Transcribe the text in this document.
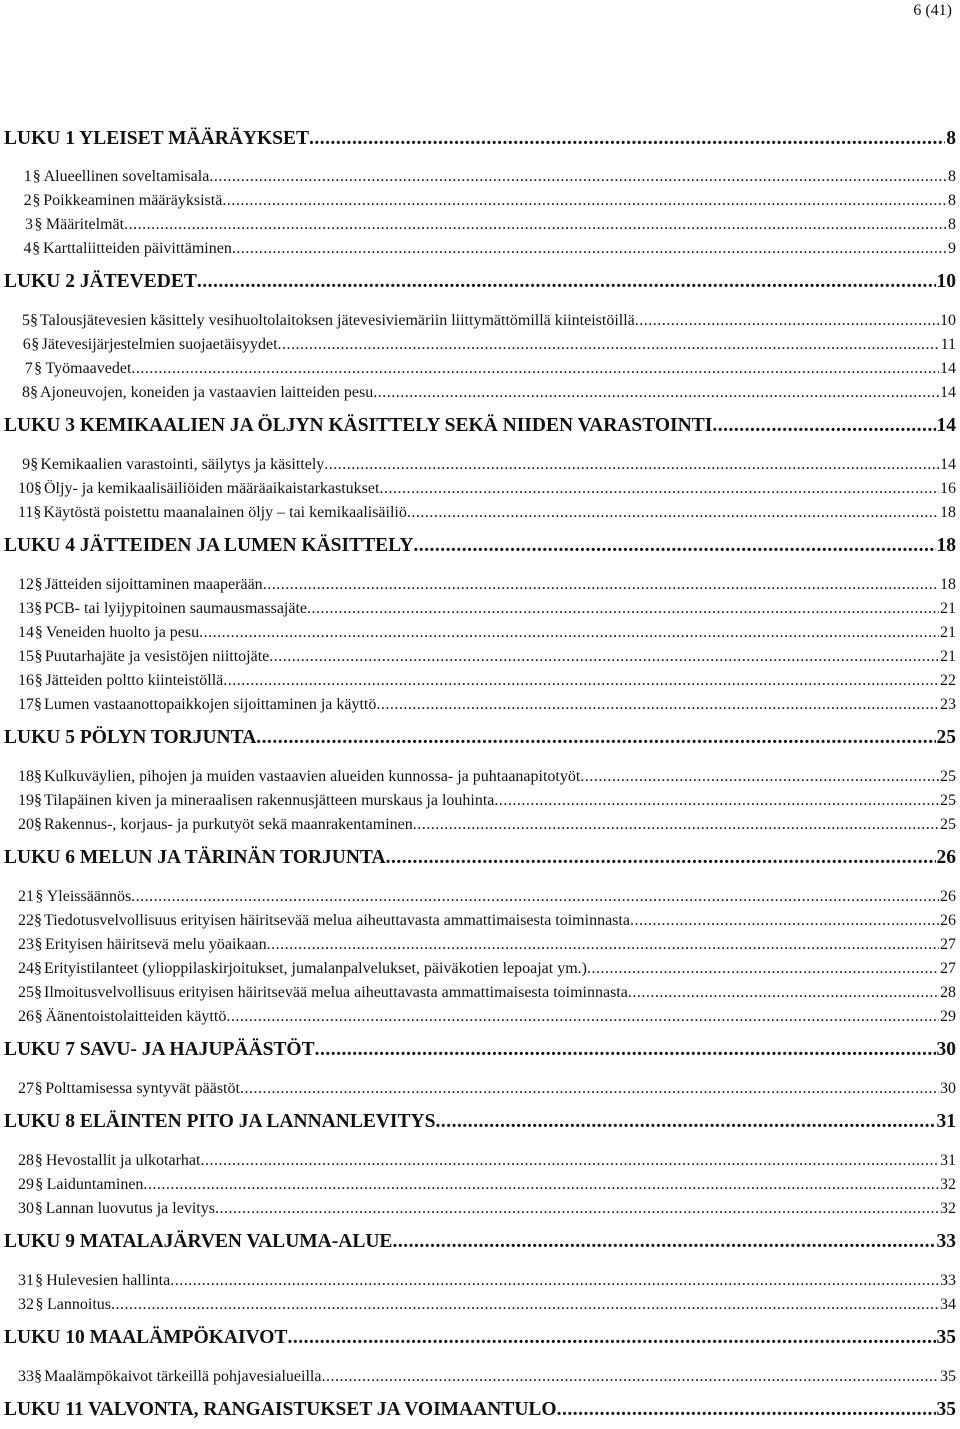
6 (41)
LUKU 1 YLEISET MÄÄRÄYKSET .....	8
1 § Alueellinen soveltamisala .....	8
2 § Poikkeaminen määräyksistä .....	8
3 § Määritelmät .....	8
4 § Karttaliitteiden päivittäminen .....	9
LUKU 2 JÄTEVEDET .....	10
5 § Talousjätevesien käsittely vesihuoltolaitoksen jätevesiviemäriin liittymättömillä kiinteistöillä .....	10
6 § Jätevesijärjestelmien suojaetäisyydet .....	11
7 § Työmaavedet .....	14
8 § Ajoneuvojen, koneiden ja vastaavien laitteiden pesu .....	14
LUKU 3 KEMIKAALIEN JA ÖLJYN KÄSITTELY SEKÄ NIIDEN VARASTOINTI .....	14
9 § Kemikaalien varastointi, säilytys ja käsittely .....	14
10 § Öljy- ja kemikaalisäiliöiden määräaikaistarkastukset .....	16
11 § Käytöstä poistettu maanalainen öljy – tai kemikaalisäiliö .....	18
LUKU 4 JÄTTEIDEN JA LUMEN KÄSITTELY .....	18
12 § Jätteiden sijoittaminen maaperään .....	18
13 § PCB- tai lyijypitoinen saumausmassajäte .....	21
14 § Veneiden huolto ja pesu .....	21
15 § Puutarhajäte ja vesistöjen niittojäte .....	21
16 § Jätteiden poltto kiinteistöllä .....	22
17 § Lumen vastaanottopaikkojen sijoittaminen ja käyttö .....	23
LUKU 5 PÖLYN TORJUNTA .....	25
18 § Kulkuväylien, pihojen ja muiden vastaavien alueiden kunnossa- ja puhtaanapitotyöt .....	25
19 § Tilapäinen kiven ja mineraalisen rakennusjätteen murskaus ja louhinta .....	25
20 § Rakennus-, korjaus- ja purkutyöt sekä maanrakentaminen .....	25
LUKU 6 MELUN JA TÄRINÄN TORJUNTA .....	26
21 § Yleissäännös .....	26
22 § Tiedotusvelvollisuus erityisen häiritsevää melua aiheuttavasta ammattimaisesta toiminnasta .....	26
23 § Erityisen häiritsevä melu yöaikaan .....	27
24 § Erityistilanteet (ylioppilaskirjoitukset, jumalanpalvelukset, päiväkotien lepoajat ym.) .....	27
25 § Ilmoitusvelvollisuus erityisen häiritsevää melua aiheuttavasta ammattimaisesta toiminnasta .....	28
26 § Äänentoistolaitteiden käyttö .....	29
LUKU 7 SAVU- JA HAJUPÄÄSTÖT .....	30
27 § Polttamisessa syntyvät päästöt .....	30
LUKU 8 ELÄINTEN PITO JA LANNANLEVITYS .....	31
28 § Hevostallit ja ulkotarhat .....	31
29 § Laiduntaminen .....	32
30 § Lannan luovutus ja levitys .....	32
LUKU 9 MATALAJÄRVEN VALUMA-ALUE .....	33
31 § Hulevesien hallinta .....	33
32 § Lannoitus .....	34
LUKU 10 MAALÄMPÖKAIVOT .....	35
33 § Maalämpökaivot tärkeillä pohjavesialueilla .....	35
LUKU 11 VALVONTA, RANGAISTUKSET JA VOIMAANTULO .....	35
